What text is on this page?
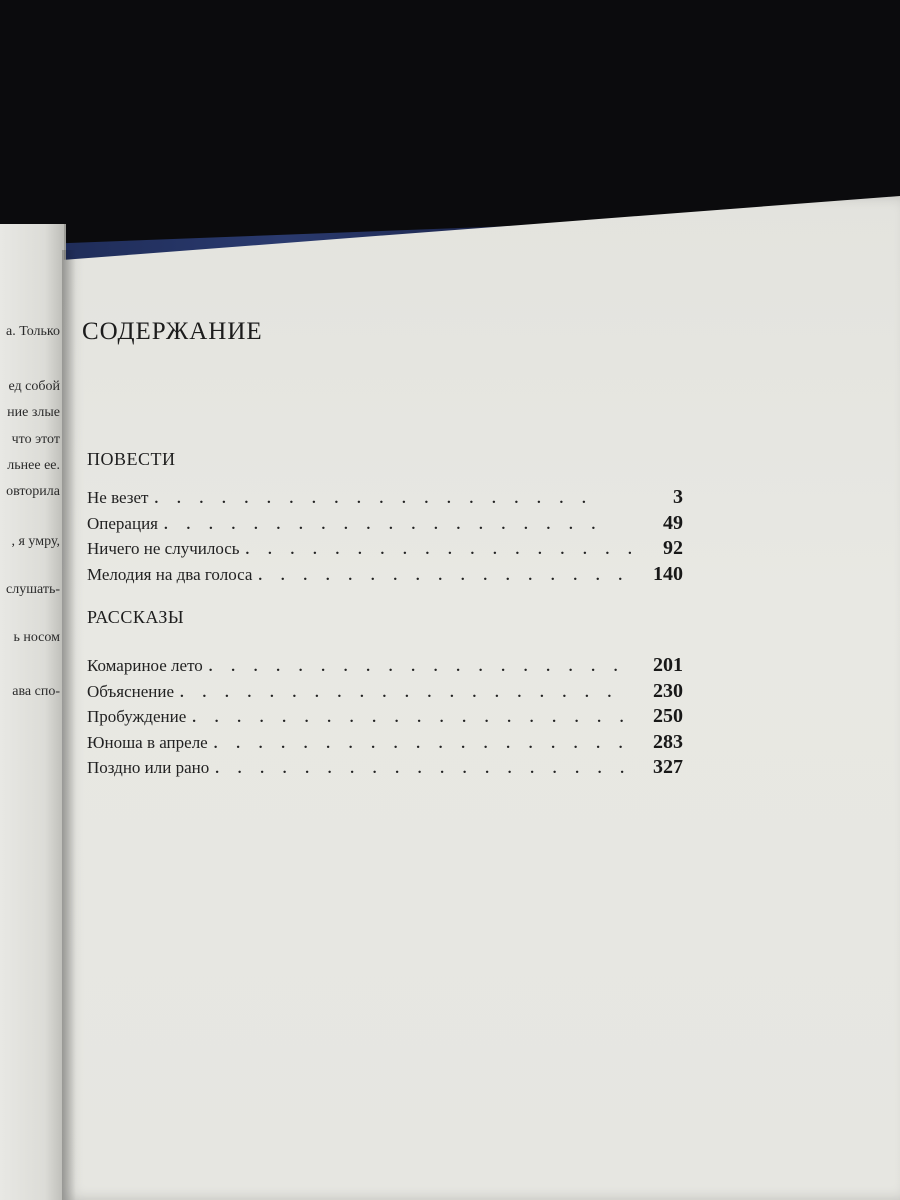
а. Только
ед собой
ние злые
что этот
льнее ее.
овторила
, я умру,
слушать-
ь носом
ава спо-
СОДЕРЖАНИЕ
ПОВЕСТИ
Не везет .	3
Операция .	49
Ничего не случилось .	92
Мелодия на два голоса .	140
РАССКАЗЫ
Комариное лето .	201
Объяснение .	230
Пробуждение .	250
Юноша в апреле .	283
Поздно или рано .	327
